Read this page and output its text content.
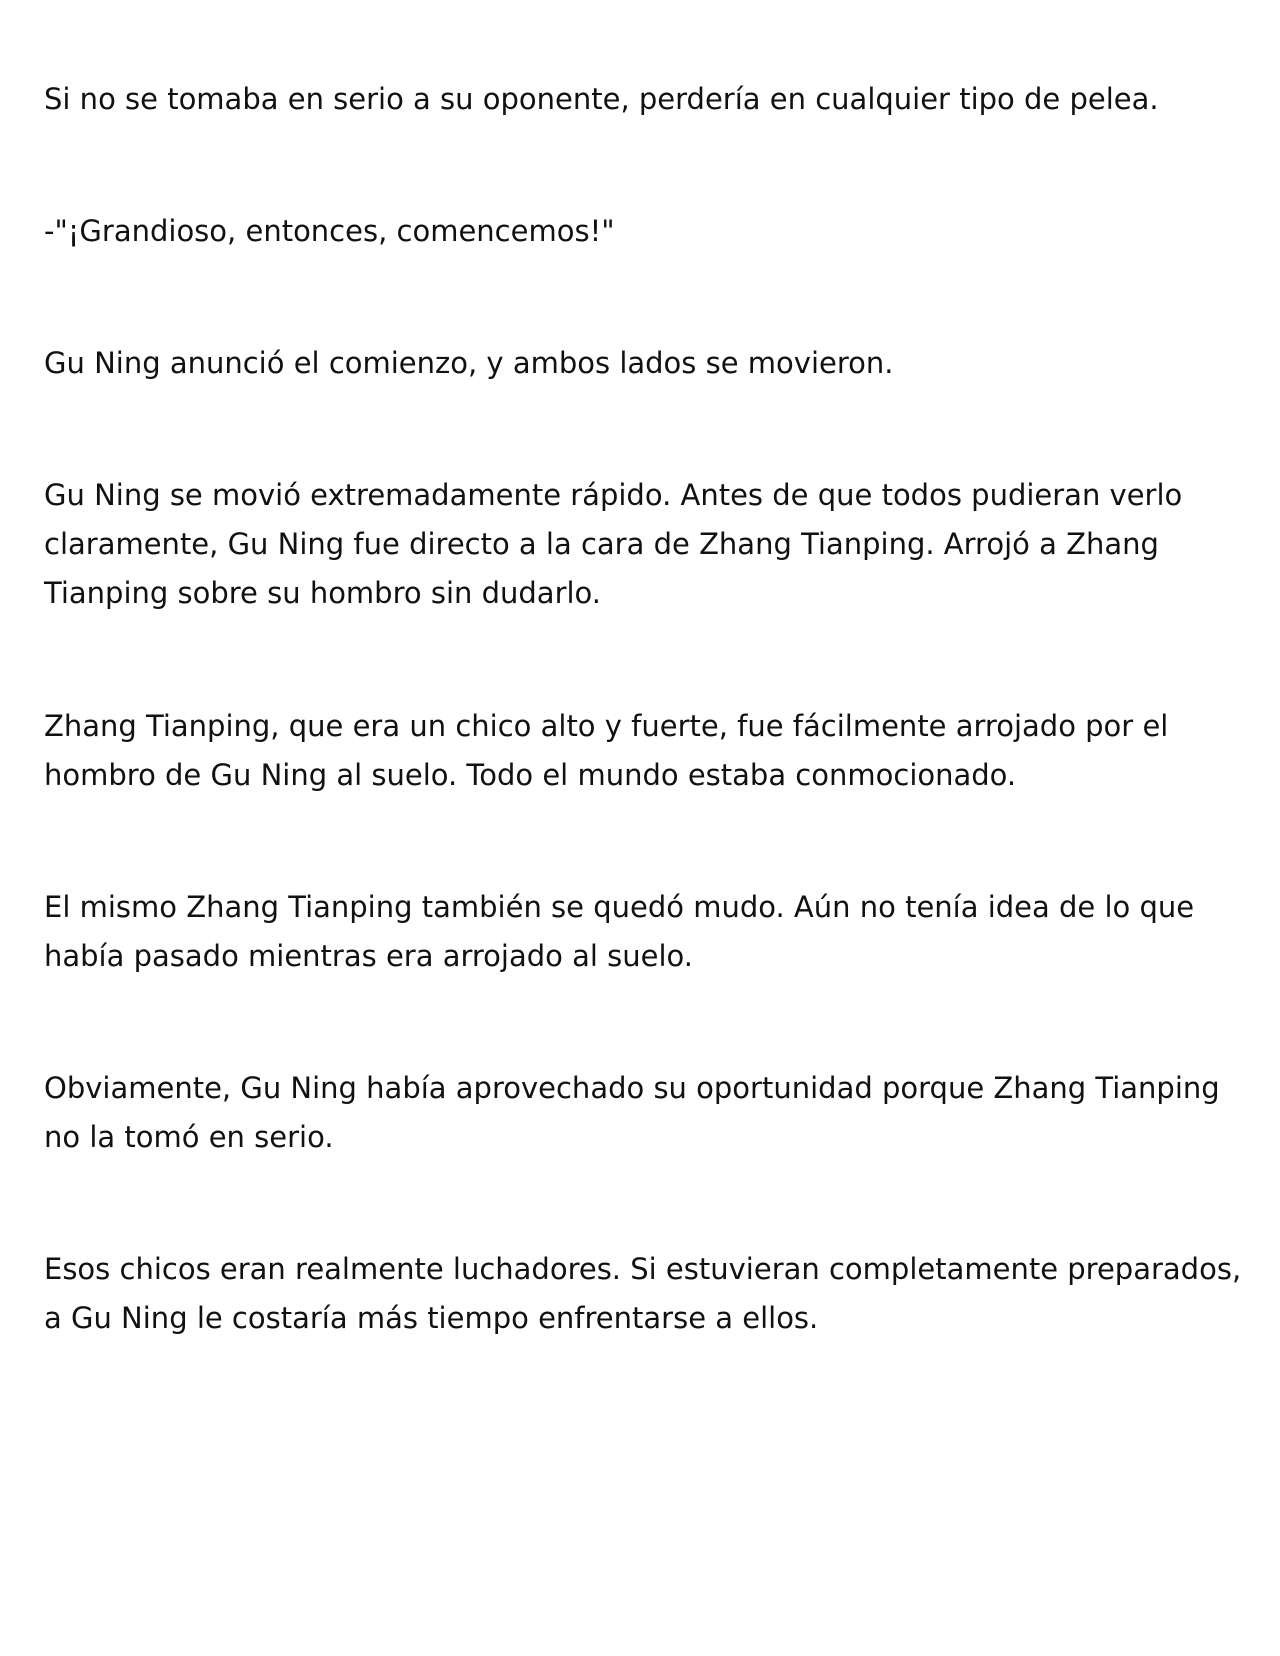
Si no se tomaba en serio a su oponente, perdería en cualquier tipo de pelea.

-"¡Grandioso, entonces, comencemos!"

Gu Ning anunció el comienzo, y ambos lados se movieron.

Gu Ning se movió extremadamente rápido. Antes de que todos pudieran verlo claramente, Gu Ning fue directo a la cara de Zhang Tianping. Arrojó a Zhang Tianping sobre su hombro sin dudarlo.

Zhang Tianping, que era un chico alto y fuerte, fue fácilmente arrojado por el hombro de Gu Ning al suelo. Todo el mundo estaba conmocionado.

El mismo Zhang Tianping también se quedó mudo. Aún no tenía idea de lo que había pasado mientras era arrojado al suelo.

Obviamente, Gu Ning había aprovechado su oportunidad porque Zhang Tianping no la tomó en serio.

Esos chicos eran realmente luchadores. Si estuvieran completamente preparados, a Gu Ning le costaría más tiempo enfrentarse a ellos.
